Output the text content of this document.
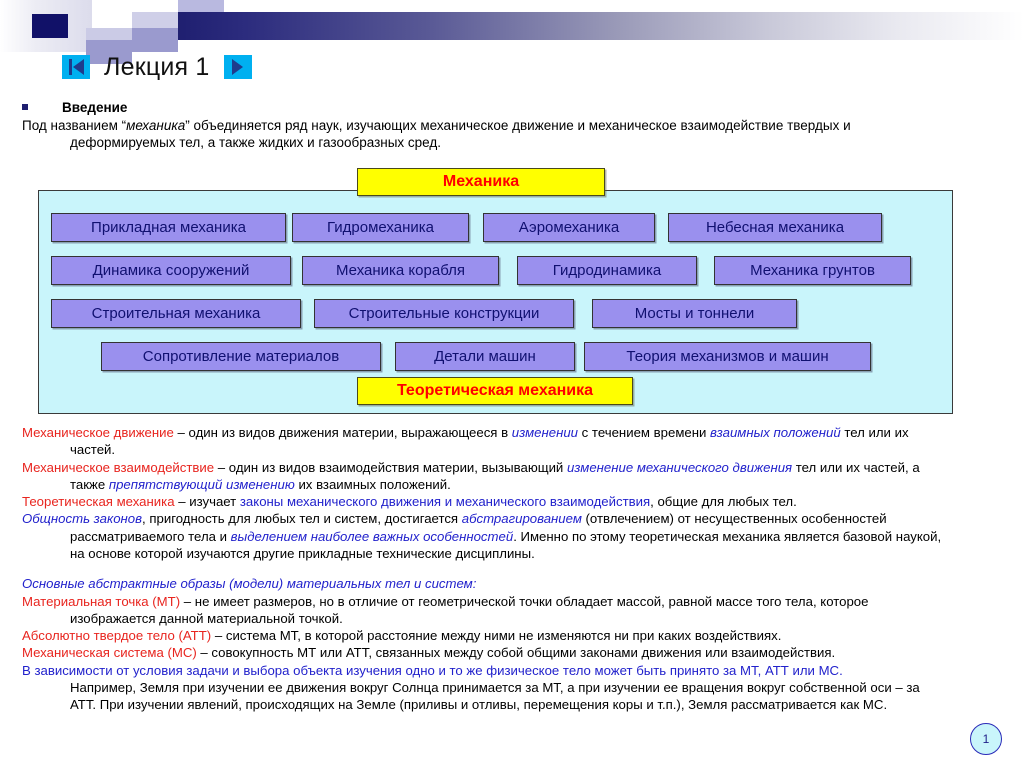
Лекция 1
Введение
Под названием “механика” объединяется ряд наук, изучающих механическое движение и механическое взаимодействие твердых и
деформируемых тел, а также жидких и газообразных сред.
Механика
Прикладная механика	Гидромеханика	Аэромеханика	Небесная механика
Динамика сооружений	Механика корабля	Гидродинамика	Механика грунтов
Строительная механика	Строительные конструкции	Мосты и тоннели
Сопротивление материалов	Детали машин	Теория механизмов и машин
Теоретическая механика
Механическое движение – один из видов движения материи, выражающееся в изменении с течением времени взаимных положений тел или их
частей.
Механическое взаимодействие – один из видов взаимодействия материи, вызывающий изменение механического движения тел или их частей, а
также препятствующий изменению их взаимных положений.
Теоретическая механика – изучает законы механического движения и механического взаимодействия, общие для любых тел.
Общность законов, пригодность для любых тел и систем, достигается абстрагированием (отвлечением) от несущественных особенностей
рассматриваемого тела и выделением наиболее важных особенностей. Именно по этому теоретическая механика является базовой наукой,
на основе которой изучаются другие прикладные технические дисциплины.
Основные абстрактные образы (модели) материальных тел и систем:
Материальная точка (МТ) – не имеет размеров, но в отличие от геометрической точки обладает массой, равной массе того тела, которое
изображается данной материальной точкой.
Абсолютно твердое тело (АТТ) – система МТ, в которой расстояние между ними не изменяются ни при каких воздействиях.
Механическая система (МС) – совокупность МТ или АТТ, связанных между собой общими законами движения или взаимодействия.
В зависимости от условия задачи и выбора объекта изучения одно и то же физическое тело может быть принято за МТ, АТТ или МС.
Например, Земля при изучении ее движения вокруг Солнца принимается за МТ, а при изучении ее вращения вокруг собственной оси – за
АТТ. При изучении явлений, происходящих на Земле (приливы и отливы, перемещения коры и т.п.), Земля рассматривается как МС.
1
